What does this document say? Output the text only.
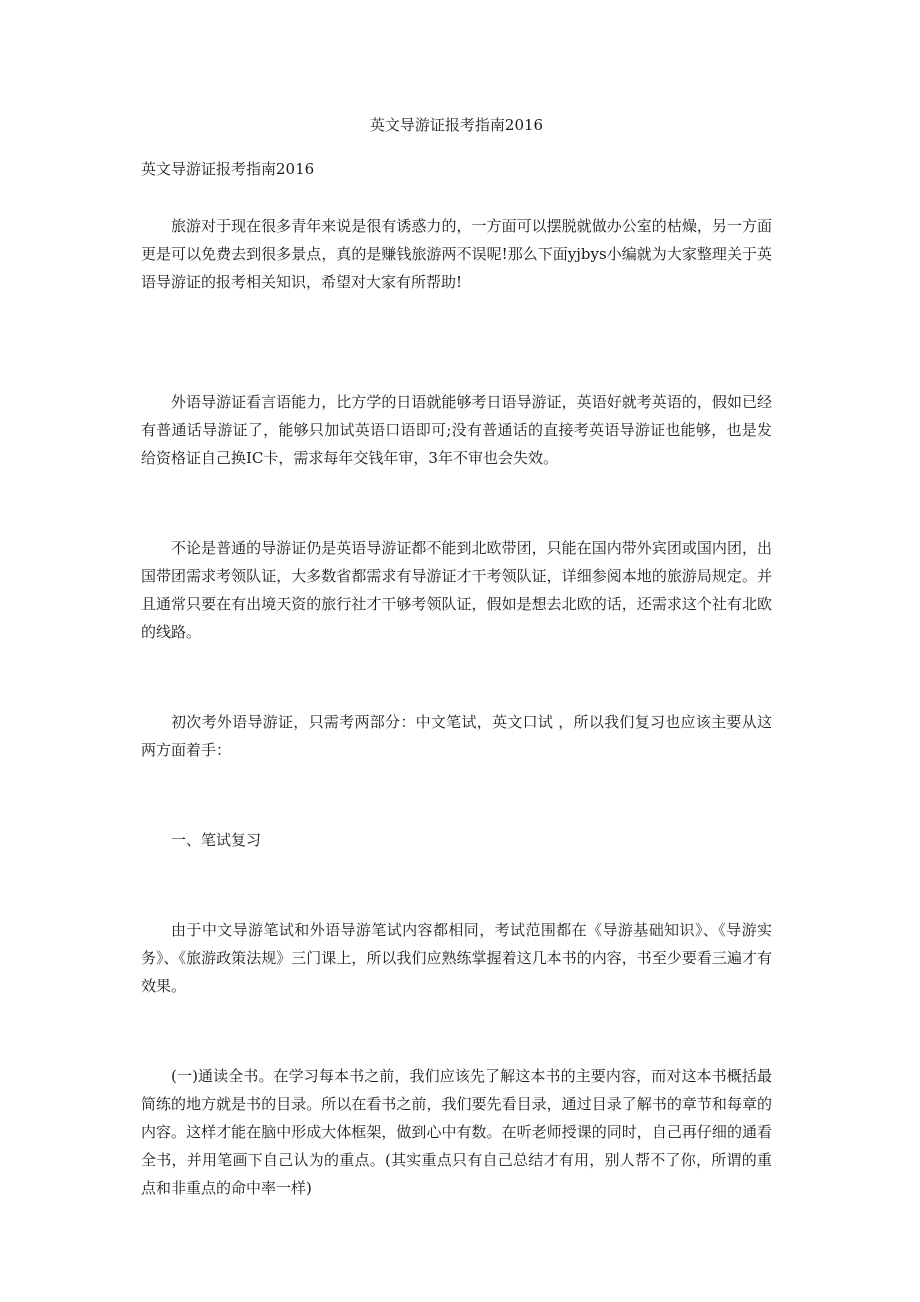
英文导游证报考指南2016
英文导游证报考指南2016

旅游对于现在很多青年来说是很有诱惑力的，一方面可以摆脱就做办公室的枯燥，另一方面更是可以免费去到很多景点，真的是赚钱旅游两不误呢!那么下面yjbys小编就为大家整理关于英语导游证的报考相关知识，希望对大家有所帮助!

外语导游证看言语能力，比方学的日语就能够考日语导游证，英语好就考英语的，假如已经有普通话导游证了，能够只加试英语口语即可;没有普通话的直接考英语导游证也能够，也是发给资格证自己换IC卡，需求每年交钱年审，3年不审也会失效。

不论是普通的导游证仍是英语导游证都不能到北欧带团，只能在国内带外宾团或国内团，出国带团需求考领队证，大多数省都需求有导游证才干考领队证，详细参阅本地的旅游局规定。并且通常只要在有出境天资的旅行社才干够考领队证，假如是想去北欧的话，还需求这个社有北欧的线路。

初次考外语导游证，只需考两部分：中文笔试，英文口试 ，所以我们复习也应该主要从这两方面着手：

一、笔试复习

由于中文导游笔试和外语导游笔试内容都相同，考试范围都在《导游基础知识》、《导游实务》、《旅游政策法规》三门课上，所以我们应熟练掌握着这几本书的内容，书至少要看三遍才有效果。

(一)通读全书。在学习每本书之前，我们应该先了解这本书的主要内容，而对这本书概括最简练的地方就是书的目录。所以在看书之前，我们要先看目录，通过目录了解书的章节和每章的内容。这样才能在脑中形成大体框架，做到心中有数。在听老师授课的同时，自己再仔细的通看全书，并用笔画下自己认为的重点。(其实重点只有自己总结才有用，别人帮不了你，所谓的重点和非重点的命中率一样)
